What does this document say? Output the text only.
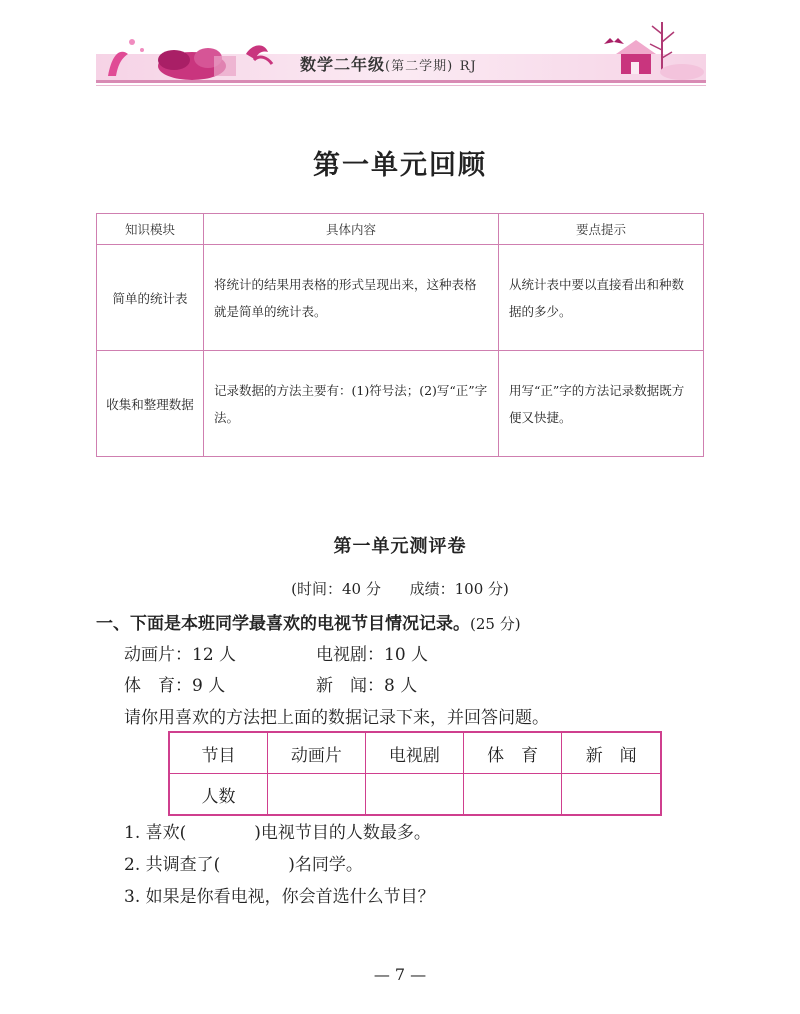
数学二年级(第二学期) RJ
第一单元回顾
知识模块	具体内容	要点提示
简单的统计表	将统计的结果用表格的形式呈现出来，这种表格就是简单的统计表。	从统计表中要以直接看出和种数据的多少。
收集和整理数据	记录数据的方法主要有：(1)符号法；(2)写“正”字法。	用写“正”字的方法记录数据既方便又快捷。
第一单元测评卷
(时间：40 分 成绩：100 分)
一、下面是本班同学最喜欢的电视节目情况记录。(25 分)
动画片：12 人	电视剧：10 人
体　育：9 人	新　闻：8 人
请你用喜欢的方法把上面的数据记录下来，并回答问题。
节目	动画片	电视剧	体　育	新　闻
人数				
1. 喜欢(　　　　)电视节目的人数最多。
2. 共调查了(　　　　)名同学。
3. 如果是你看电视，你会首选什么节目？
— 7 —
